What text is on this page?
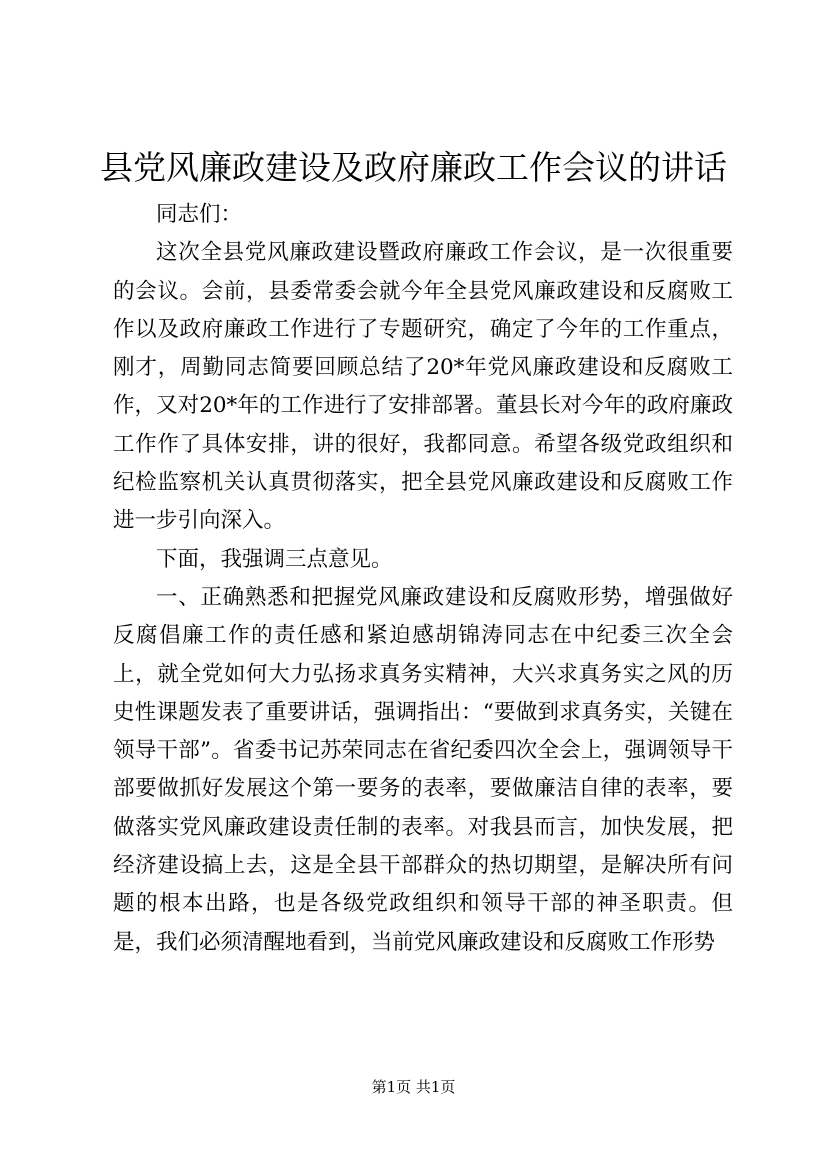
县党风廉政建设及政府廉政工作会议的讲话

同志们：

这次全县党风廉政建设暨政府廉政工作会议，是一次很重要的会议。会前，县委常委会就今年全县党风廉政建设和反腐败工作以及政府廉政工作进行了专题研究，确定了今年的工作重点，刚才，周勤同志简要回顾总结了20*年党风廉政建设和反腐败工作，又对20*年的工作进行了安排部署。董县长对今年的政府廉政工作作了具体安排，讲的很好，我都同意。希望各级党政组织和纪检监察机关认真贯彻落实，把全县党风廉政建设和反腐败工作进一步引向深入。

下面，我强调三点意见。

一、正确熟悉和把握党风廉政建设和反腐败形势，增强做好反腐倡廉工作的责任感和紧迫感胡锦涛同志在中纪委三次全会上，就全党如何大力弘扬求真务实精神，大兴求真务实之风的历史性课题发表了重要讲话，强调指出：“要做到求真务实，关键在领导干部”。省委书记苏荣同志在省纪委四次全会上，强调领导干部要做抓好发展这个第一要务的表率，要做廉洁自律的表率，要做落实党风廉政建设责任制的表率。对我县而言，加快发展，把经济建设搞上去，这是全县干部群众的热切期望，是解决所有问题的根本出路，也是各级党政组织和领导干部的神圣职责。但是，我们必须清醒地看到，当前党风廉政建设和反腐败工作形势

第1页 共1页
